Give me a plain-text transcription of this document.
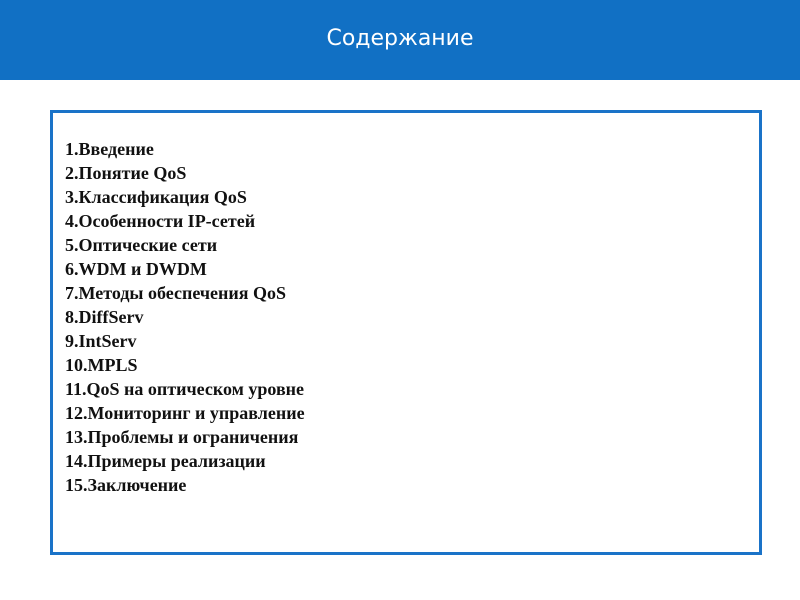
Содержание
1.Введение
2.Понятие QoS
3.Классификация QoS
4.Особенности IP-сетей
5.Оптические сети
6.WDM и DWDM
7.Методы обеспечения QoS
8.DiffServ
9.IntServ
10.MPLS
11.QoS на оптическом уровне
12.Мониторинг и управление
13.Проблемы и ограничения
14.Примеры реализации
15.Заключение
